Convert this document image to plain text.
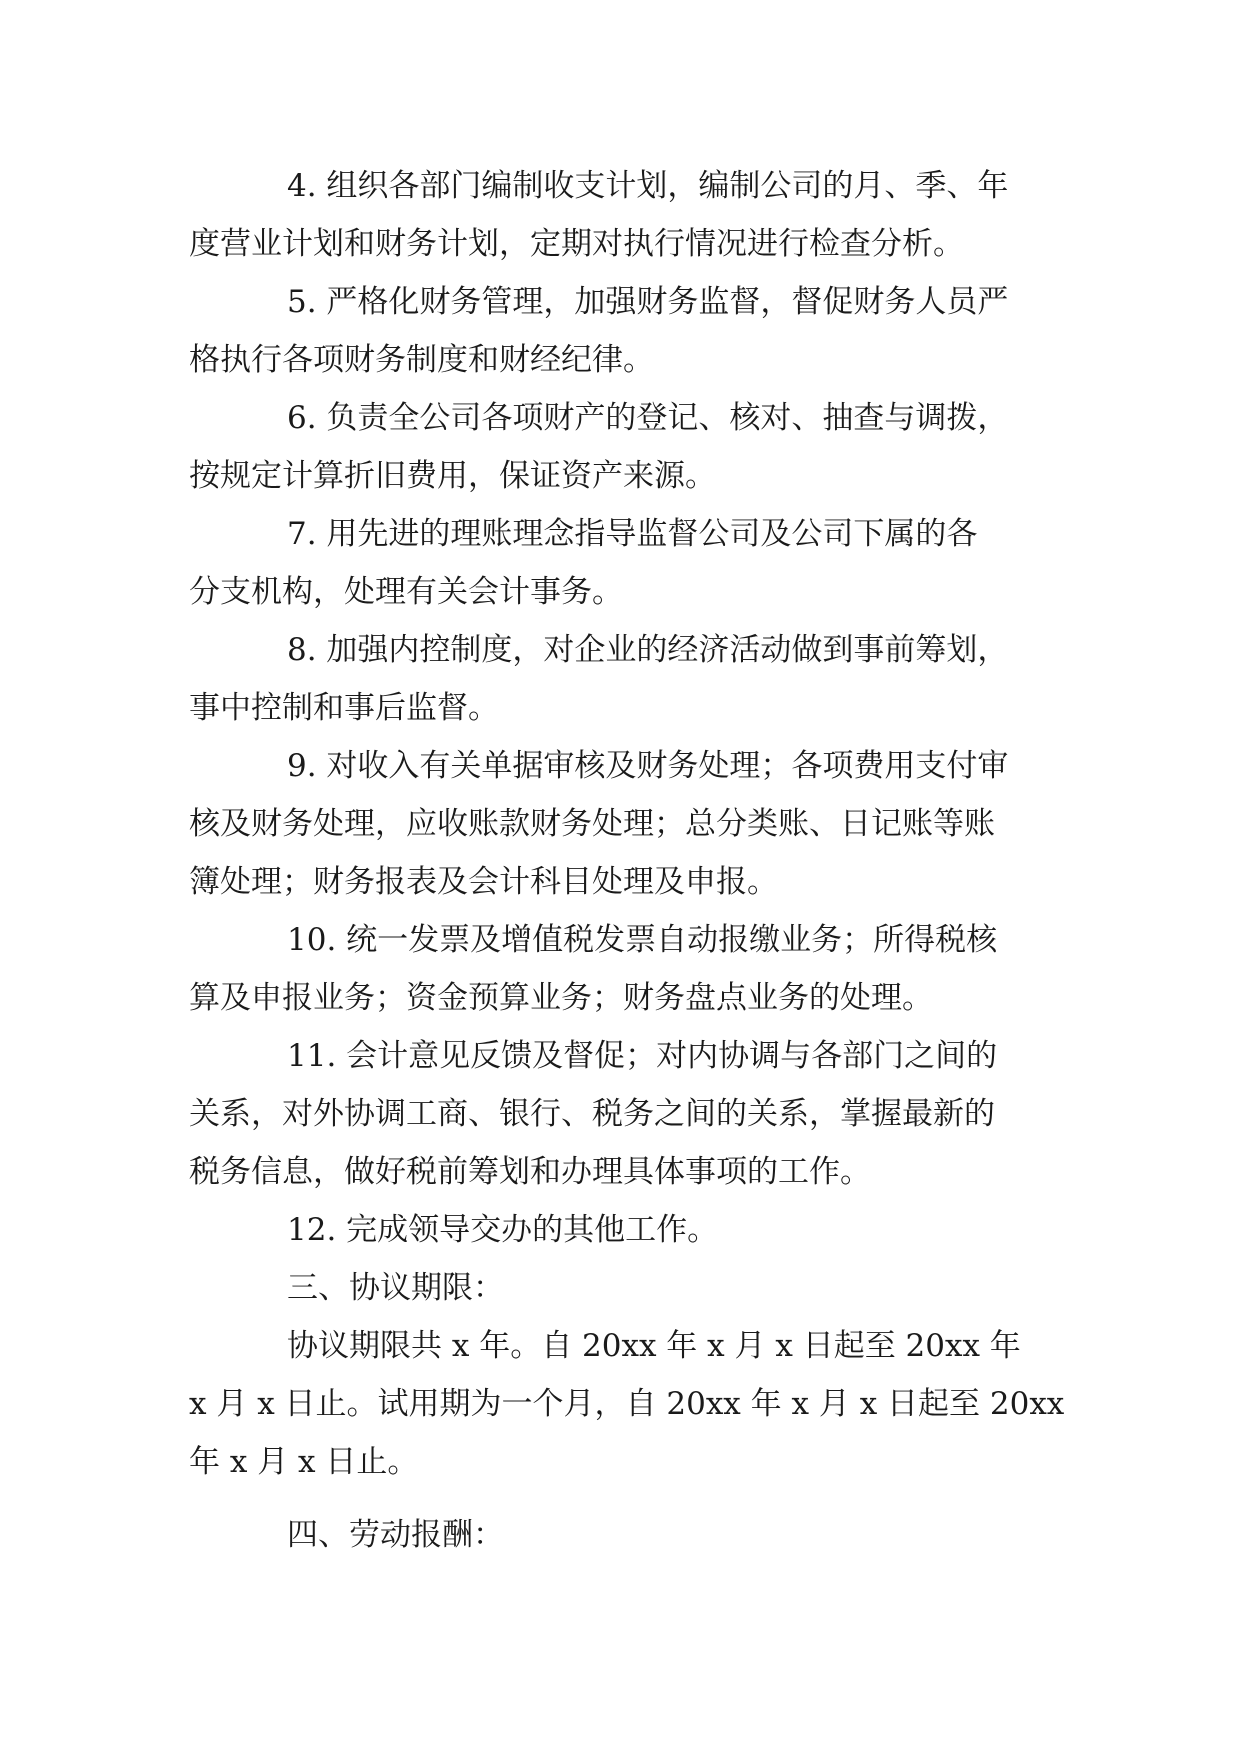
4. 组织各部门编制收支计划，编制公司的月、季、年

度营业计划和财务计划，定期对执行情况进行检查分析。

5. 严格化财务管理，加强财务监督，督促财务人员严

格执行各项财务制度和财经纪律。

6. 负责全公司各项财产的登记、核对、抽查与调拨，

按规定计算折旧费用，保证资产来源。

7. 用先进的理账理念指导监督公司及公司下属的各

分支机构，处理有关会计事务。

8. 加强内控制度，对企业的经济活动做到事前筹划，

事中控制和事后监督。

9. 对收入有关单据审核及财务处理；各项费用支付审

核及财务处理，应收账款财务处理；总分类账、日记账等账

簿处理；财务报表及会计科目处理及申报。

10. 统一发票及增值税发票自动报缴业务；所得税核

算及申报业务；资金预算业务；财务盘点业务的处理。

11. 会计意见反馈及督促；对内协调与各部门之间的

关系，对外协调工商、银行、税务之间的关系，掌握最新的

税务信息，做好税前筹划和办理具体事项的工作。

12. 完成领导交办的其他工作。

三、协议期限：

协议期限共 x 年。自 20xx 年 x 月 x 日起至 20xx 年

x 月 x 日止。试用期为一个月，自 20xx 年 x 月 x 日起至 20xx

年 x 月 x 日止。

四、劳动报酬：
